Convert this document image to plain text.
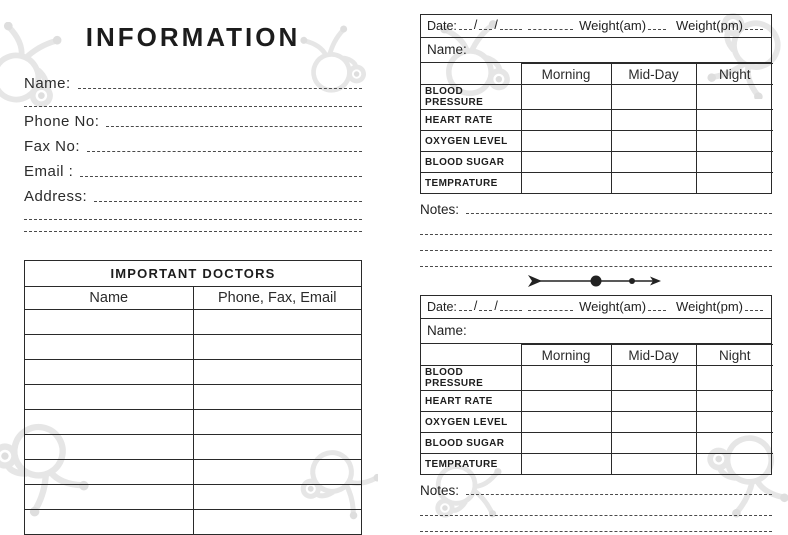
INFORMATION
Name:
Phone No:
Fax No:
Email :
Address:
IMPORTANT DOCTORS	
Name	Phone, Fax, Email

Date: / /	Weight(am) Weight(pm)
Name:
	Morning	Mid-Day	Night
BLOOD PRESSURE			
HEART RATE			
OXYGEN LEVEL			
BLOOD SUGAR			
TEMPRATURE			
Notes:
Date: / /	Weight(am) Weight(pm)
Name:
	Morning	Mid-Day	Night
BLOOD PRESSURE			
HEART RATE			
OXYGEN LEVEL			
BLOOD SUGAR			
TEMPRATURE			
Notes:
